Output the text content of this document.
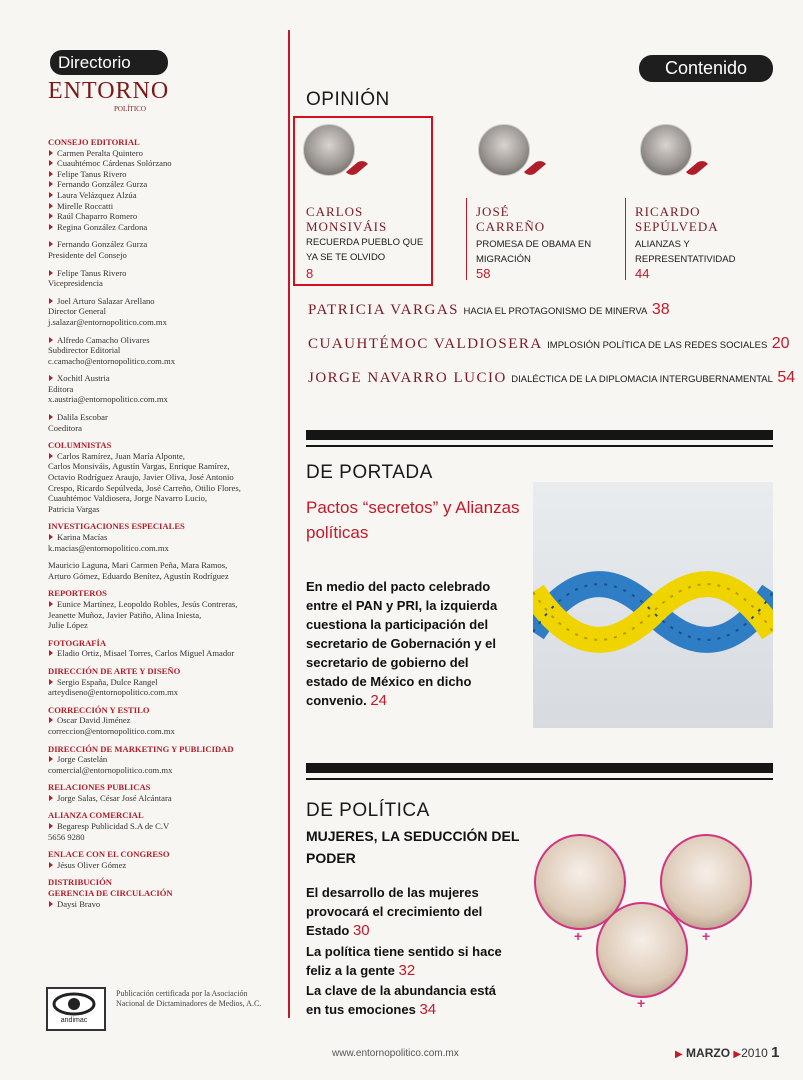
Directorio
ENTORNO
POLÍTICO
CONSEJO EDITORIAL
Carmen Peralta Quintero
Cuauhtémoc Cárdenas Solórzano
Felipe Tanus Rivero
Fernando González Gurza
Laura Velázquez Alzúa
Mirelle Roccatti
Raúl Chaparro Romero
Regina González Cardona
Fernando González Gurza
Presidente del Consejo
Felipe Tanus Rivero
Vicepresidencia
Joel Arturo Salazar Arellano
Director General
j.salazar@entornopolitico.com.mx
Alfredo Camacho Olivares
Subdirector Editorial
c.camacho@entornopolitico.com.mx
Xochitl Austria
Editora
x.austria@entornopolitico.com.mx
Dalila Escobar
Coeditora
COLUMNISTAS
Carlos Ramírez, Juan María Alponte,
Carlos Monsiváis, Agustín Vargas, Enrique Ramírez,
Octavio Rodríguez Araujo, Javier Oliva, José Antonio
Crespo, Ricardo Sepúlveda, José Carreño, Otilio Flores,
Cuauhtémoc Valdiosera, Jorge Navarro Lucio,
Patricia Vargas
INVESTIGACIONES ESPECIALES
Karina Macías
k.macias@entornopolitico.com.mx
Mauricio Laguna, Mari Carmen Peña, Mara Ramos,
Arturo Gómez, Eduardo Benítez, Agustín Rodríguez
REPORTEROS
Eunice Martínez, Leopoldo Robles, Jesús Contreras,
Jeanette Muñoz, Javier Patiño, Alina Iniesta,
Julie López
FOTOGRAFÍA
Eladio Ortiz, Misael Torres, Carlos Miguel Amador
DIRECCIÓN DE ARTE Y DISEÑO
Sergio España, Dulce Rangel
arteydiseno@entornopolitico.com.mx
CORRECCIÓN Y ESTILO
Oscar David Jiménez
correccion@entornopolitico.com.mx
DIRECCIÓN DE MARKETING Y PUBLICIDAD
Jorge Castelán
comercial@entornopolitico.com.mx
RELACIONES PUBLICAS
Jorge Salas, César José Alcántara
ALIANZA COMERCIAL
Begaresp Publicidad S.A de C.V
5656 9280
ENLACE CON EL CONGRESO
Jésus Oliver Gómez
DISTRIBUCIÓN
GERENCIA DE CIRCULACIÓN
Daysi Bravo
andimac
Publicación certificada por la Asociación Nacional de Dictaminadores de Medios, A.C.
Contenido
OPINIÓN
CARLOS
MONSIVÁIS
RECUERDA PUEBLO QUE YA SE TE OLVIDO
8
JOSÉ
CARREÑO
PROMESA DE OBAMA EN MIGRACIÓN
58
RICARDO
SEPÚLVEDA
ALIANZAS Y REPRESENTATIVIDAD
44
PATRICIA VARGAS HACIA EL PROTAGONISMO DE MINERVA 38
CUAUHTÉMOC VALDIOSERA IMPLOSIÓN POLÍTICA DE LAS REDES SOCIALES 20
JORGE NAVARRO LUCIO DIALÉCTICA DE LA DIPLOMACIA INTERGUBERNAMENTAL 54
DE PORTADA
Pactos “secretos” y Alianzas políticas
En medio del pacto celebrado entre el PAN y PRI, la izquierda cuestiona la participación del secretario de Gobernación y el secretario de gobierno del estado de México en dicho convenio. 24
DE POLÍTICA
MUJERES, LA SEDUCCIÓN DEL PODER
El desarrollo de las mujeres provocará el crecimiento del Estado 30
La política tiene sentido si hace feliz a la gente 32
La clave de la abundancia está en tus emociones 34
+	+
+
www.entornopolitico.com.mx	▶ MARZO ▶2010 1
